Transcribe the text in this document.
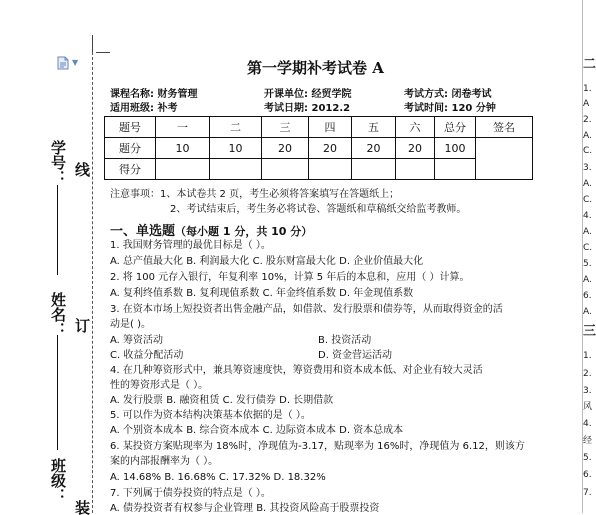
▼
学号： 线
姓名： 订
班级：
装
第一学期补考试卷 A
课程名称: 财务管理	开课单位: 经贸学院	考试方式: 闭卷考试
适用班级: 补考	考试日期: 2012.2	考试时间: 120 分钟
题号	一	二	三	四	五	六	总分	签名
题分	10	10	20	20	20	20	100	
得分								
注意事项：1、本试卷共 2 页，考生必须将答案填写在答题纸上；
2、考试结束后，考生务必将试卷、答题纸和草稿纸交给监考教师。
一、单选题（每小题 1 分，共 10 分）
1. 我国财务管理的最优目标是（ ）。
A. 总产值最大化 B. 利润最大化 C. 股东财富最大化 D. 企业价值最大化
2. 将 100 元存入银行，年复利率 10%，计算 5 年后的本息和，应用（ ）计算。
A. 复利终值系数 B. 复利现值系数 C. 年金终值系数 D. 年金现值系数
3. 在资本市场上短投资者出售金融产品，如借款、发行股票和债券等，从而取得资金的活
动是( )。
A. 筹资活动	B. 投资活动
C. 收益分配活动	D. 资金营运活动
4. 在几种筹资形式中，兼具筹资速度快，筹资费用和资本成本低、对企业有较大灵活
性的筹资形式是（ ）。
A. 发行股票 B. 融资租赁 C. 发行债券 D. 长期借款
5. 可以作为资本结构决策基本依据的是（ ）。
A. 个别资本成本 B. 综合资本成本 C. 边际资本成本 D. 资本总成本
6. 某投资方案贴现率为 18%时，净现值为-3.17，贴现率为 16%时，净现值为 6.12，则该方
案的内部报酬率为（ ）。
A. 14.68% B. 16.68% C. 17.32% D. 18.32%
7. 下列属于债券投资的特点是（ ）。
A. 债券投资者有权参与企业管理 B. 其投资风险高于股票投资
二
1.
A
2.
A.
C.
3.
A.
C.
4.
A.
C.
5.
A.
6.
A.
三
1.
2.
3.
风
4.
经
5.
6.
7.
